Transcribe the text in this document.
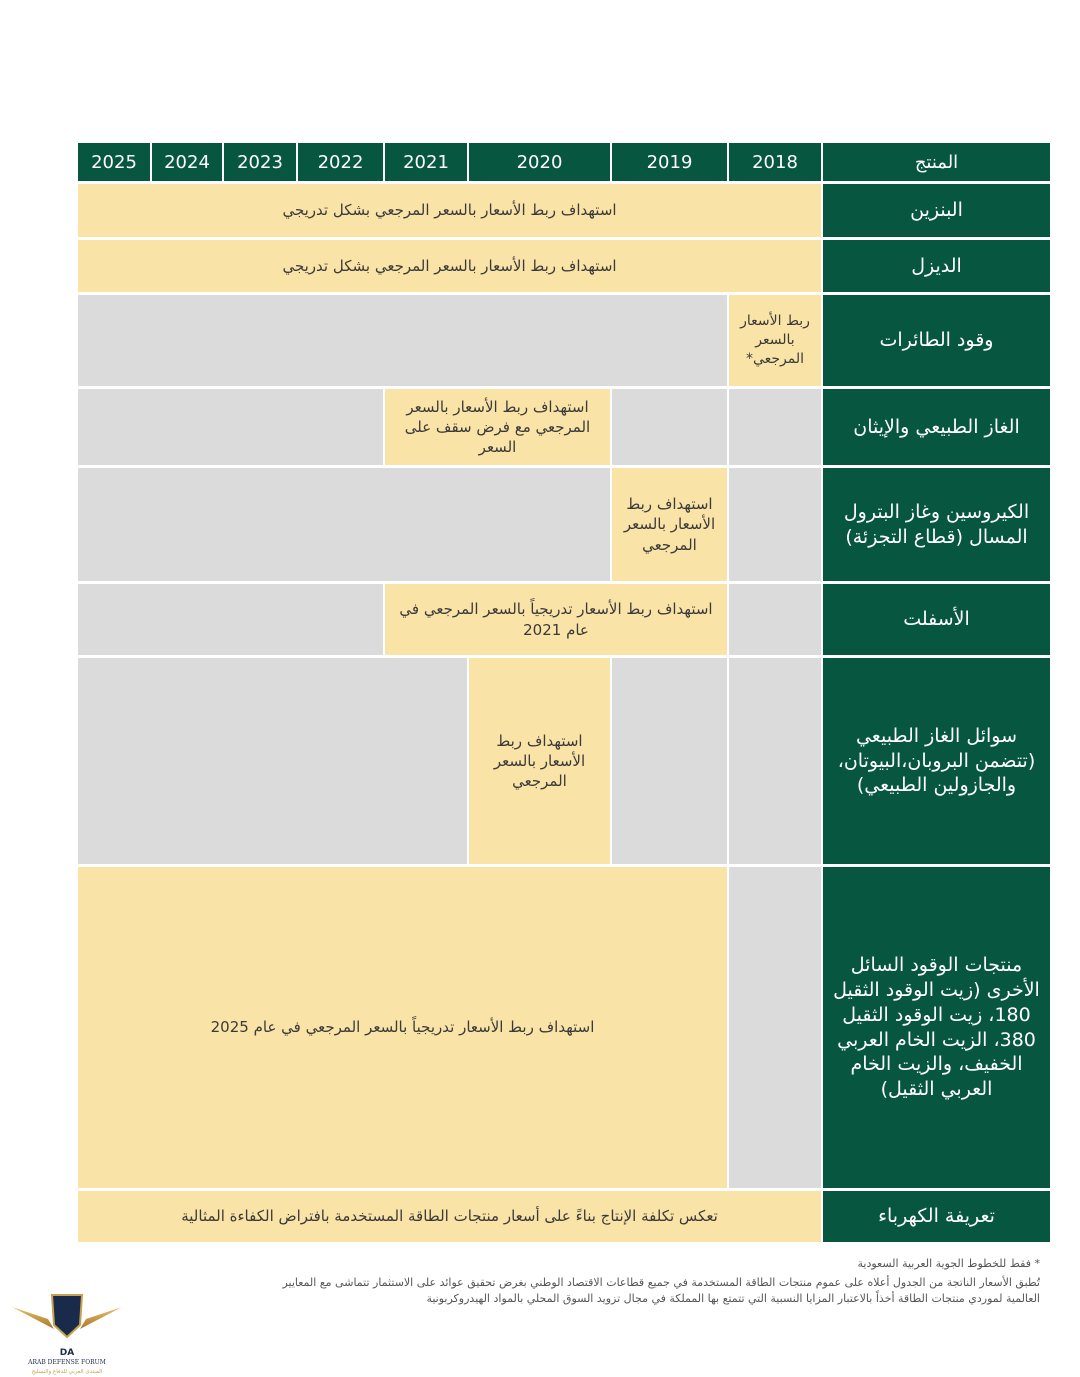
المنتج
2018
2019
2020
2021
2022
2023
2024
2025
البنزين
استهداف ربط الأسعار بالسعر المرجعي بشكل تدريجي
الديزل
استهداف ربط الأسعار بالسعر المرجعي بشكل تدريجي
وقود الطائرات
ربط الأسعار بالسعر المرجعي*
الغاز الطبيعي والإيثان
استهداف ربط الأسعار بالسعر المرجعي مع فرض سقف على السعر
الكيروسين وغاز البترول المسال (قطاع التجزئة)
استهداف ربط الأسعار بالسعر المرجعي
الأسفلت
استهداف ربط الأسعار تدريجياً بالسعر المرجعي في عام 2021
سوائل الغاز الطبيعي (تتضمن البروبان،البيوتان، والجازولين الطبيعي)
استهداف ربط الأسعار بالسعر المرجعي
منتجات الوقود السائل الأخرى (زيت الوقود الثقيل 180، زيت الوقود الثقيل 380، الزيت الخام العربي الخفيف، والزيت الخام العربي الثقيل)
استهداف ربط الأسعار تدريجياً بالسعر المرجعي في عام 2025
تعريفة الكهرباء
تعكس تكلفة الإنتاج بناءً على أسعار منتجات الطاقة المستخدمة بافتراض الكفاءة المثالية
* فقط للخطوط الجوية العربية السعودية
تُطبق الأسعار الناتجة من الجدول أعلاه على عموم منتجات الطاقة المستخدمة في جميع قطاعات الاقتصاد الوطني بغرض تحقيق عوائد على الاستثمار تتماشى مع المعايير العالمية لموردي منتجات الطاقة أخذاً بالاعتبار المزايا النسبية التي تتمتع بها المملكة في مجال تزويد السوق المحلي بالمواد الهيدروكربونية
DA
ARAB DEFENSE FORUM
المنتدى العربي للدفاع والتسليح
